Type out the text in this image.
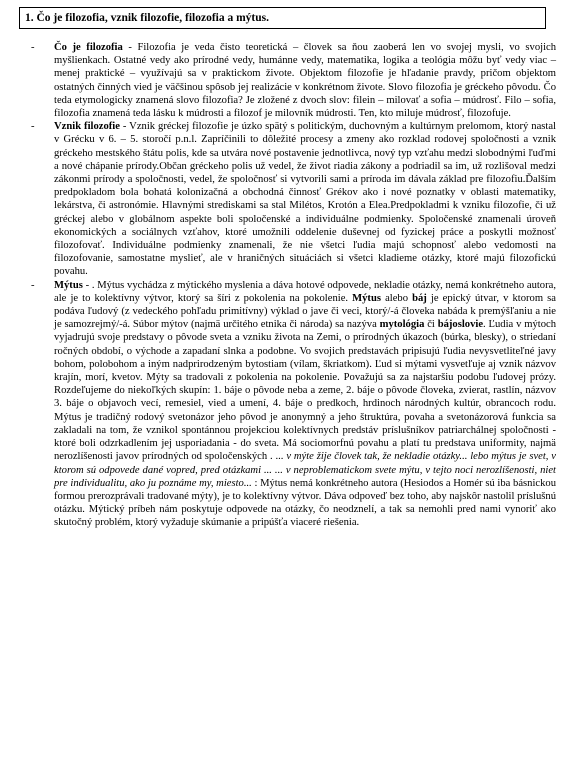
1. Čo je filozofia, vznik filozofie, filozofia a mýtus.
- Čo je filozofia - Filozofia je veda čisto teoretická – človek sa ňou zaoberá len vo svojej mysli, vo svojich myšlienkach. Ostatné vedy ako prírodné vedy, humánne vedy, matematika, logika a teológia môžu byť vedy viac – menej praktické – využívajú sa v praktickom živote. Objektom filozofie je hľadanie pravdy, pričom objektom ostatných činných vied je väčšinou spôsob jej realizácie v konkrétnom živote. Slovo filozofia je gréckeho pôvodu. Čo teda etymologicky znamená slovo filozofia? Je zložené z dvoch slov: filein – milovať a sofia – múdrosť. Filo – sofia, filozofia znamená teda lásku k múdrosti a filozof je milovník múdrosti. Ten, kto miluje múdrosť, filozofuje.
- Vznik filozofie - Vznik gréckej filozofie je úzko spätý s politickým, duchovným a kultúrnym prelomom, ktorý nastal v Grécku v 6. – 5. storočí p.n.l. Zapríčinili to dôležité procesy a zmeny ako rozklad rodovej spoločnosti a vznik gréckeho mestského štátu polis, kde sa utvára nové postavenie jednotlivca, nový typ vzťahu medzi slobodnými ľuďmi a nové chápanie prírody.Občan gréckeho polis už vedel, že život riadia zákony a podriadil sa im, už rozlišoval medzi zákonmi prírody a spoločnosti, vedel, že spoločnosť si vytvorili sami a príroda im dávala základ pre filozofiu.Ďalším predpokladom bola bohatá kolonizačná a obchodná činnosť Grékov ako i nové poznatky v oblasti matematiky, lekárstva, či astronómie. Hlavnými strediskami sa stal Milétos, Krotón a Elea.Predpokladmi k vzniku filozofie, či už gréckej alebo v globálnom aspekte boli spoločenské a individuálne podmienky. Spoločenské znamenali úroveň ekonomických a sociálnych vzťahov, ktoré umožnili oddelenie duševnej od fyzickej práce a poskytli možnosť filozofovať. Individuálne podmienky znamenali, že nie všetci ľudia majú schopnosť alebo vedomosti na filozofovanie, samostatne myslieť, ale v hraničných situáciách si všetci kladieme otázky, ktoré majú filozofickú povahu.
- Mýtus - . Mýtus vychádza z mýtického myslenia a dáva hotové odpovede, nekladie otázky, nemá konkrétneho autora, ale je to kolektívny výtvor, ktorý sa šíri z pokolenia na pokolenie. Mýtus alebo báj je epický útvar, v ktorom sa podáva ľudový (z vedeckého pohľadu primitívny) výklad o jave či veci, ktorý/-á človeka nabáda k premýšľaniu a nie je samozrejmý/-á. Súbor mýtov (najmä určitého etnika či národa) sa nazýva mytológia či bájoslovie. Ľudia v mýtoch vyjadrujú svoje predstavy o pôvode sveta a vzniku života na Zemi, o prírodných úkazoch (búrka, blesky), o striedaní ročných období, o východe a zapadaní slnka a podobne. Vo svojich predstavách pripisujú ľudia nevysvetliteľné javy bohom, polobohom a iným nadprirodzeným bytostiam (vílam, škriatkom). Ľud si mýtami vysvetľuje aj vznik názvov krajín, morí, kvetov. Mýty sa tradovali z pokolenia na pokolenie. Považujú sa za najstaršiu podobu ľudovej prózy. Rozdeľujeme do niekoľkých skupín: 1. báje o pôvode neba a zeme, 2. báje o pôvode človeka, zvierat, rastlín, názvov 3. báje o objavoch vecí, remesiel, vied a umení, 4. báje o predkoch, hrdinoch národných kultúr, obrancoch rodu. Mýtus je tradičný rodový svetonázor jeho pôvod je anonymný a jeho štruktúra, povaha a svetonázorová funkcia sa zakladali na tom, že vznikol spontánnou projekciou kolektívnych predstáv príslušníkov patriarchálnej spoločnosti - ktoré boli odzrkadlením jej usporiadania - do sveta. Má sociomorfnú povahu a platí tu predstava uniformity, najmä nerozlíšenosti javov prírodných od spoločenských . ... v mýte žije človek tak, že nekladie otázky... lebo mýtus je svet, v ktorom sú odpovede dané vopred, pred otázkami ... ... v neproblematickom svete mýtu, v tejto noci nerozlíšenosti, niet pre individualitu, ako ju poznáme my, miesto... : Mýtus nemá konkrétneho autora (Hesiodos a Homér sú iba básnickou formou prerozprávali tradované mýty), je to kolektívny výtvor. Dáva odpoveď bez toho, aby najskôr nastolil príslušnú otázku. Mýtický príbeh nám poskytuje odpovede na otázky, čo neodznelí, a tak sa nemohli pred nami vynoriť ako skutočný problém, ktorý vyžaduje skúmanie a pripúšťa viaceré riešenia.
